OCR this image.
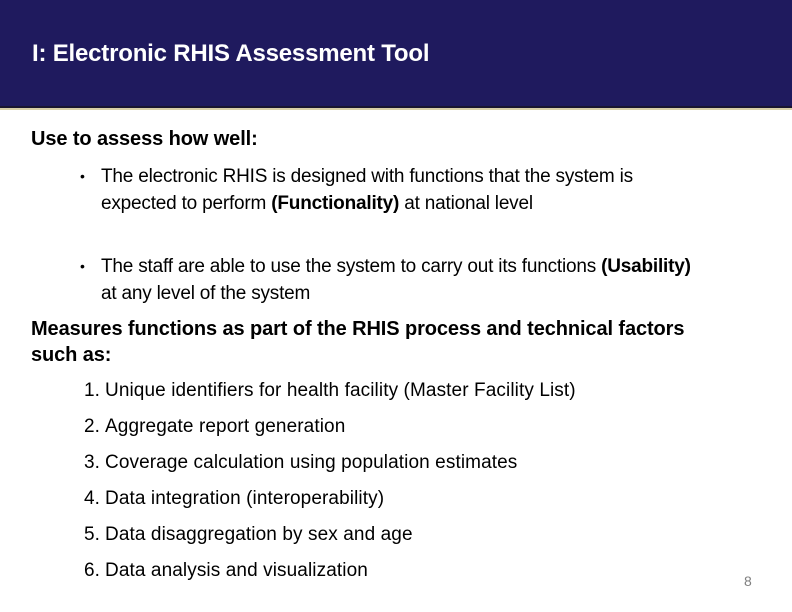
I: Electronic RHIS Assessment Tool
Use to assess how well:
• The electronic RHIS is designed with functions that the system is expected to perform (Functionality) at national level
• The staff are able to use the system to carry out its functions (Usability) at any level of the system
Measures functions as part of the RHIS process and technical factors such as:
1. Unique identifiers for health facility (Master Facility List)
2. Aggregate report generation
3. Coverage calculation using population estimates
4. Data integration (interoperability)
5. Data disaggregation by sex and age
6. Data analysis and visualization	8
